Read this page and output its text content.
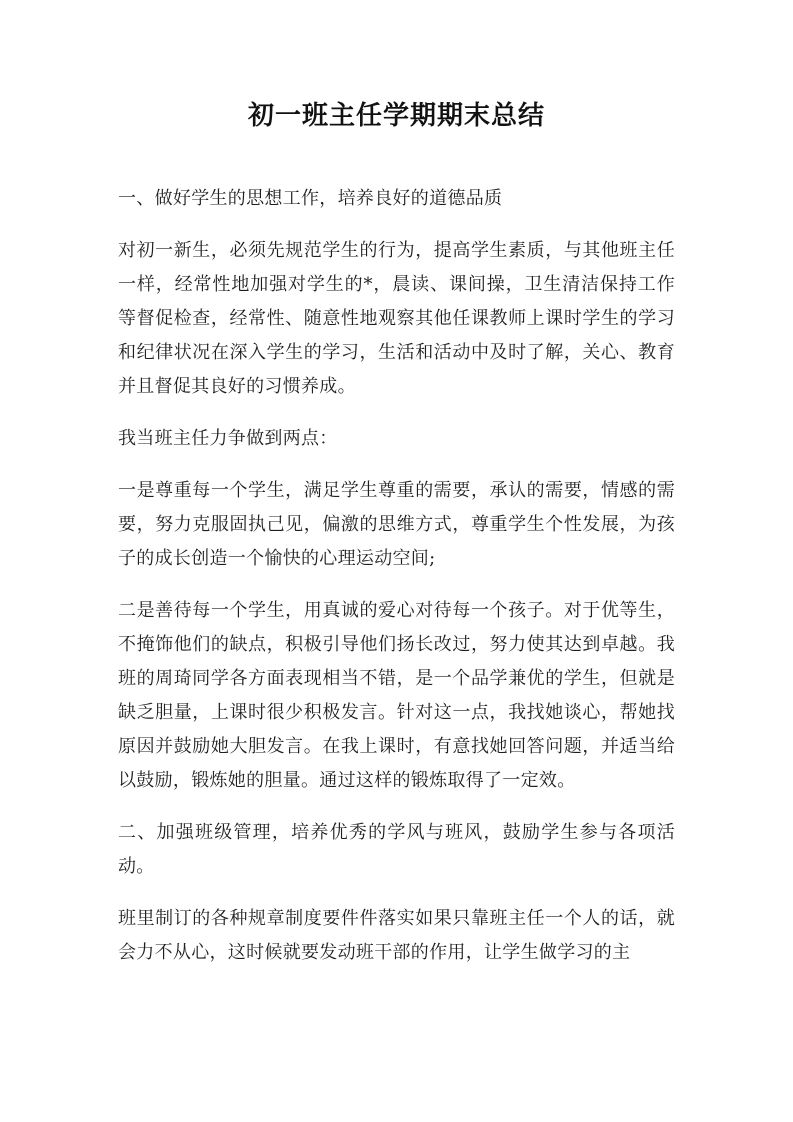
初一班主任学期期末总结

一、做好学生的思想工作，培养良好的道德品质

对初一新生，必须先规范学生的行为，提高学生素质，与其他班主任一样，经常性地加强对学生的*，晨读、课间操，卫生清洁保持工作等督促检查，经常性、随意性地观察其他任课教师上课时学生的学习和纪律状况在深入学生的学习，生活和活动中及时了解，关心、教育并且督促其良好的习惯养成。

我当班主任力争做到两点：

一是尊重每一个学生，满足学生尊重的需要，承认的需要，情感的需要，努力克服固执己见，偏激的思维方式，尊重学生个性发展，为孩子的成长创造一个愉快的心理运动空间;

二是善待每一个学生，用真诚的爱心对待每一个孩子。对于优等生，不掩饰他们的缺点，积极引导他们扬长改过，努力使其达到卓越。我班的周琦同学各方面表现相当不错，是一个品学兼优的学生，但就是缺乏胆量，上课时很少积极发言。针对这一点，我找她谈心，帮她找原因并鼓励她大胆发言。在我上课时，有意找她回答问题，并适当给以鼓励，锻炼她的胆量。通过这样的锻炼取得了一定效。

二、加强班级管理，培养优秀的学风与班风，鼓励学生参与各项活动。

班里制订的各种规章制度要件件落实如果只靠班主任一个人的话，就会力不从心，这时候就要发动班干部的作用，让学生做学习的主
